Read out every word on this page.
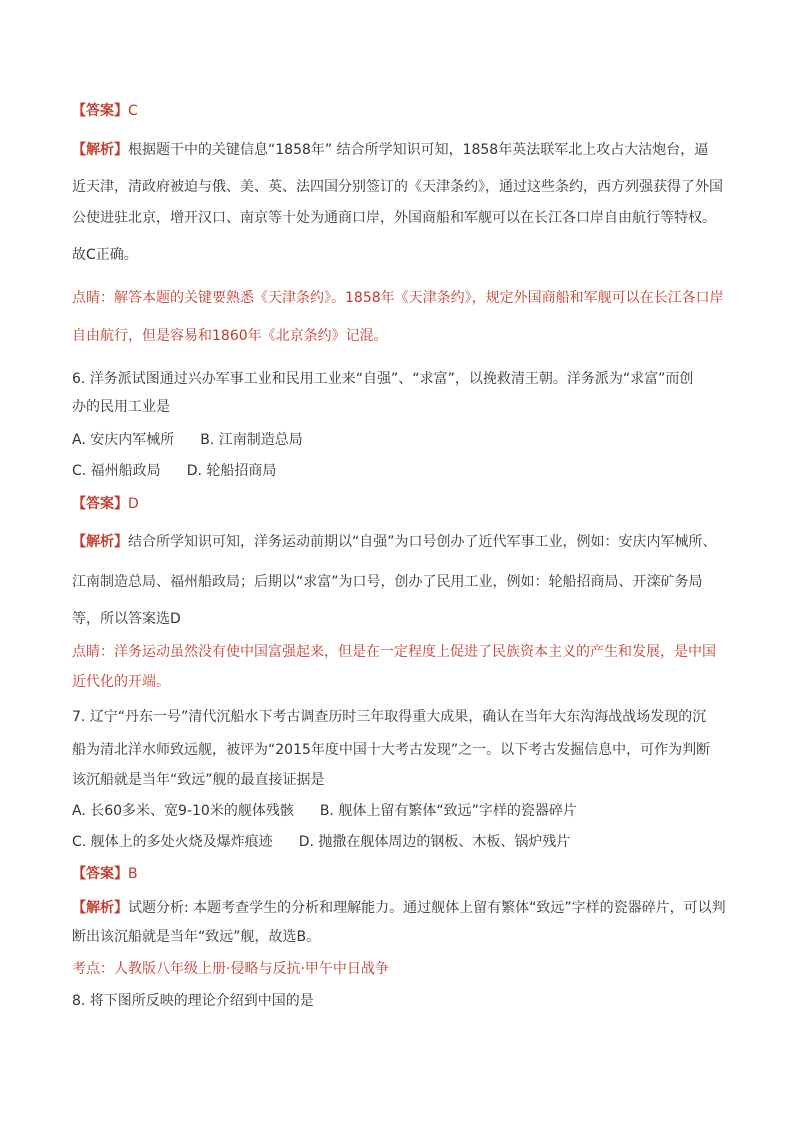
【答案】C
【解析】根据题干中的关键信息“1858年” 结合所学知识可知，1858年英法联军北上攻占大沽炮台，逼
近天津，清政府被迫与俄、美、英、法四国分别签订的《天津条约》，通过这些条约，西方列强获得了外国
公使进驻北京，增开汉口、南京等十处为通商口岸，外国商船和军舰可以在长江各口岸自由航行等特权。
故C正确。
点睛：解答本题的关键要熟悉《天津条约》。1858年《天津条约》，规定外国商船和军舰可以在长江各口岸
自由航行，但是容易和1860年《北京条约》记混。
6. 洋务派试图通过兴办军事工业和民用工业来“自强”、“求富”，以挽救清王朝。洋务派为“求富”而创
办的民用工业是
A. 安庆内军械所 B. 江南制造总局
C. 福州船政局 D. 轮船招商局
【答案】D
【解析】结合所学知识可知，洋务运动前期以“自强”为口号创办了近代军事工业，例如：安庆内军械所、
江南制造总局、福州船政局；后期以“求富”为口号，创办了民用工业，例如：轮船招商局、开滦矿务局
等，所以答案选D
点睛：洋务运动虽然没有使中国富强起来，但是在一定程度上促进了民族资本主义的产生和发展，是中国
近代化的开端。
7. 辽宁“丹东一号”清代沉船水下考古调查历时三年取得重大成果，确认在当年大东沟海战战场发现的沉
船为清北洋水师致远舰，被评为“2015年度中国十大考古发现”之一。以下考古发掘信息中，可作为判断
该沉船就是当年“致远”舰的最直接证据是
A. 长60多米、宽9-10米的舰体残骸 B. 舰体上留有繁体“致远”字样的瓷器碎片
C. 舰体上的多处火烧及爆炸痕迹 D. 抛撒在舰体周边的钢板、木板、锅炉残片
【答案】B
【解析】试题分析: 本题考查学生的分析和理解能力。通过舰体上留有繁体“致远”字样的瓷器碎片，可以判
断出该沉船就是当年“致远”舰，故选B。
考点：人教版八年级上册·侵略与反抗·甲午中日战争
8. 将下图所反映的理论介绍到中国的是
